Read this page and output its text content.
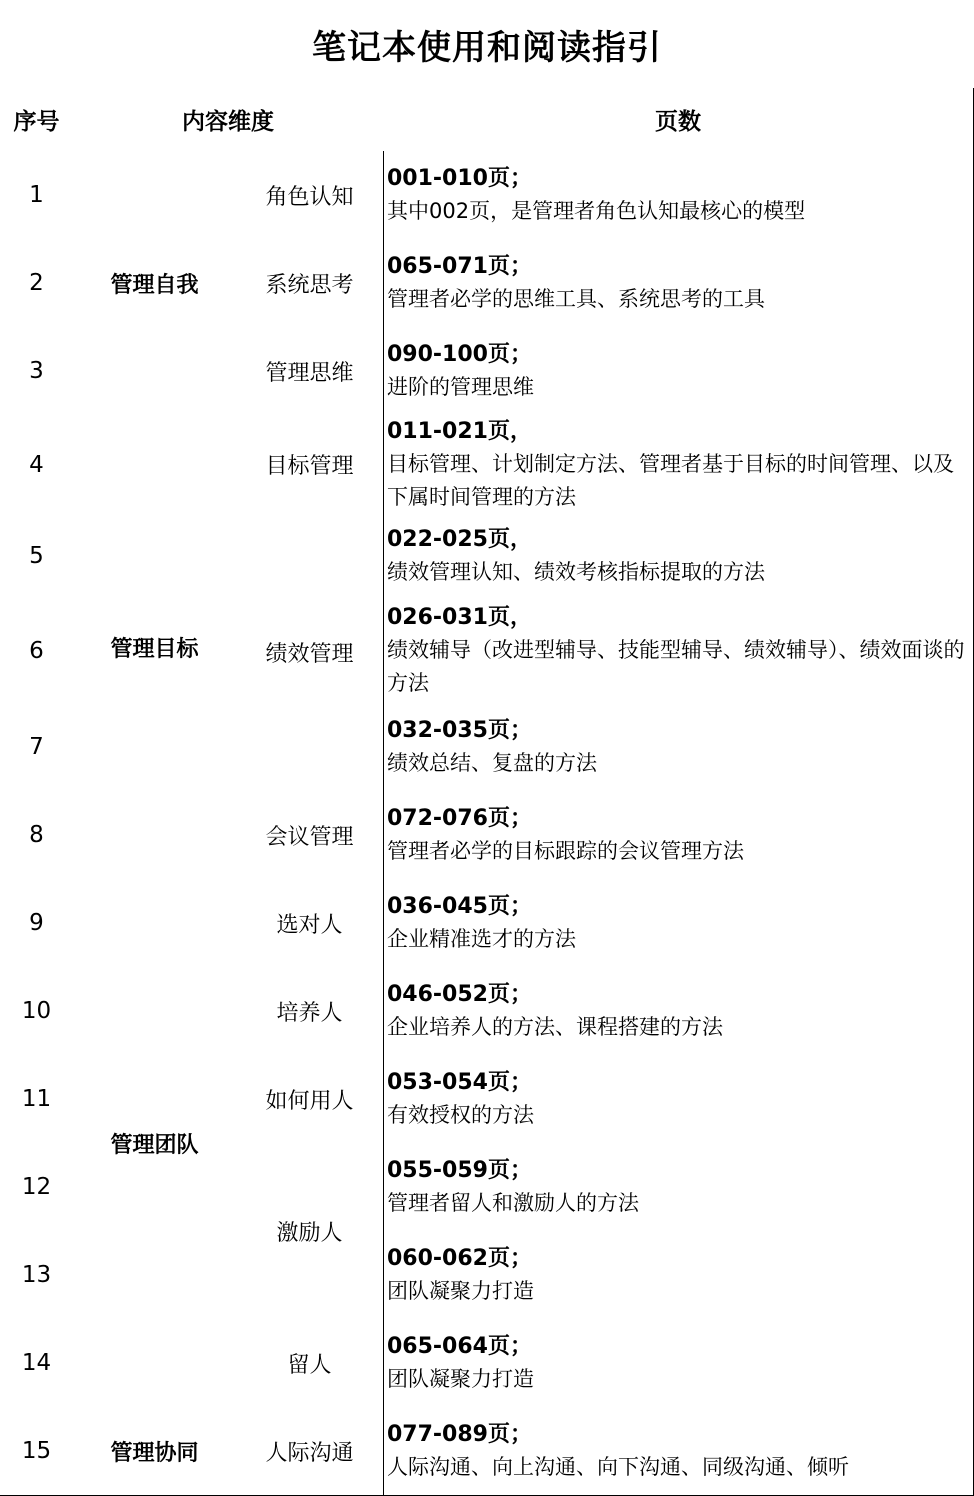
笔记本使用和阅读指引
序号	内容维度	页数
1
001-010页；
其中002页，是管理者角色认知最核心的模型
2
065-071页；
管理者必学的思维工具、系统思考的工具
3
090-100页；
进阶的管理思维
4
011-021页，
目标管理、计划制定方法、管理者基于目标的时间管理、以及下属时间管理的方法
5
022-025页，
绩效管理认知、绩效考核指标提取的方法
6
026-031页，
绩效辅导（改进型辅导、技能型辅导、绩效辅导）、绩效面谈的方法
7
032-035页；
绩效总结、复盘的方法
8
072-076页；
管理者必学的目标跟踪的会议管理方法
9
036-045页；
企业精准选才的方法
10
046-052页；
企业培养人的方法、课程搭建的方法
11
053-054页；
有效授权的方法
12
055-059页；
管理者留人和激励人的方法
13
060-062页；
团队凝聚力打造
14
065-064页；
团队凝聚力打造
15
077-089页；
人际沟通、向上沟通、向下沟通、同级沟通、倾听
管理自我
管理目标
管理团队
管理协同
角色认知
系统思考
管理思维
目标管理
绩效管理
会议管理
选对人
培养人
如何用人
激励人
留人
人际沟通
